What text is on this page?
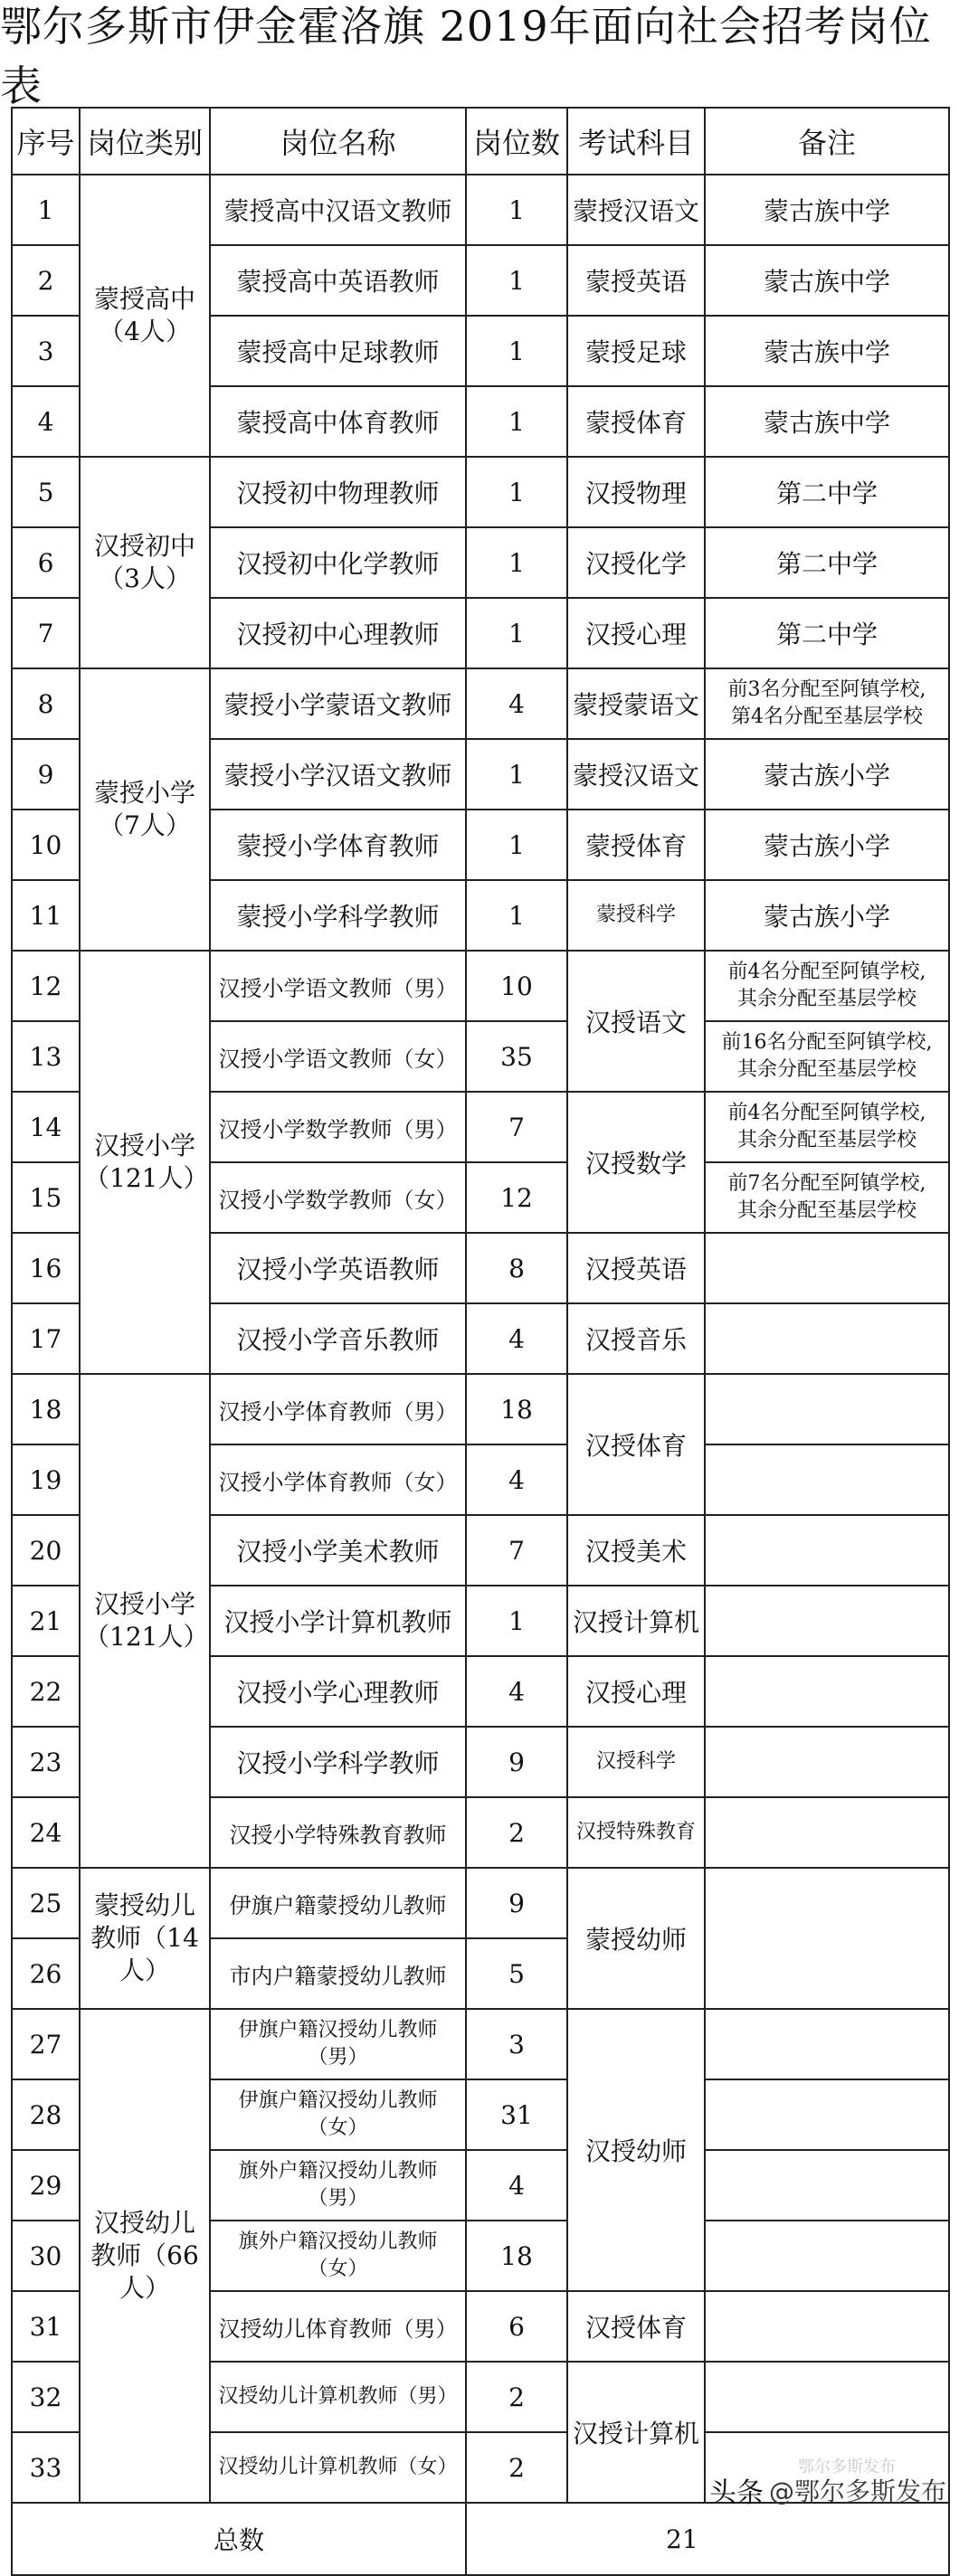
鄂尔多斯市伊金霍洛旗 2019年面向社会招考岗位表
序号	岗位类别	岗位名称	岗位数	考试科目	备注
1	蒙授高中（4人）	蒙授高中汉语文教师	1	蒙授汉语文	蒙古族中学
2		蒙授高中英语教师	1	蒙授英语	蒙古族中学
3		蒙授高中足球教师	1	蒙授足球	蒙古族中学
4		蒙授高中体育教师	1	蒙授体育	蒙古族中学
5	汉授初中（3人）	汉授初中物理教师	1	汉授物理	第二中学
6		汉授初中化学教师	1	汉授化学	第二中学
7		汉授初中心理教师	1	汉授心理	第二中学
8	蒙授小学（7人）	蒙授小学蒙语文教师	4	蒙授蒙语文	前3名分配至阿镇学校,
第4名分配至基层学校

9		蒙授小学汉语文教师	1	蒙授汉语文	蒙古族小学
10		蒙授小学体育教师	1	蒙授体育	蒙古族小学
11		蒙授小学科学教师	1	蒙授科学	蒙古族小学
12	汉授小学（121人）	汉授小学语文教师（男）	10	汉授语文	前4名分配至阿镇学校,
其余分配至基层学校

13		汉授小学语文教师（女）	35		前16名分配至阿镇学校,
其余分配至基层学校

14		汉授小学数学教师（男）	7	汉授数学	前4名分配至阿镇学校,
其余分配至基层学校

15		汉授小学数学教师（女）	12		前7名分配至阿镇学校,
其余分配至基层学校

16		汉授小学英语教师	8	汉授英语	
17		汉授小学音乐教师	4	汉授音乐	
18	汉授小学（121人）	汉授小学体育教师（男）	18	汉授体育	
19		汉授小学体育教师（女）	4		
20		汉授小学美术教师	7	汉授美术	
21		汉授小学计算机教师	1	汉授计算机	
22		汉授小学心理教师	4	汉授心理	
23		汉授小学科学教师	9	汉授科学	
24		汉授小学特殊教育教师	2	汉授特殊教育	
25	蒙授幼儿教师（14人）	伊旗户籍蒙授幼儿教师	9	蒙授幼师	
26		市内户籍蒙授幼儿教师	5		
27	汉授幼儿教师（66人）	伊旗户籍汉授幼儿教师（男）	3	汉授幼师	
28		伊旗户籍汉授幼儿教师（女）	31		
29		旗外户籍汉授幼儿教师（男）	4		
30		旗外户籍汉授幼儿教师（女）	18		
31		汉授幼儿体育教师（男）	6	汉授体育	
32		汉授幼儿计算机教师（男）	2	汉授计算机	
33		汉授幼儿计算机教师（女）	2		
总数			21		
鄂尔多斯发布
头条 @鄂尔多斯发布
